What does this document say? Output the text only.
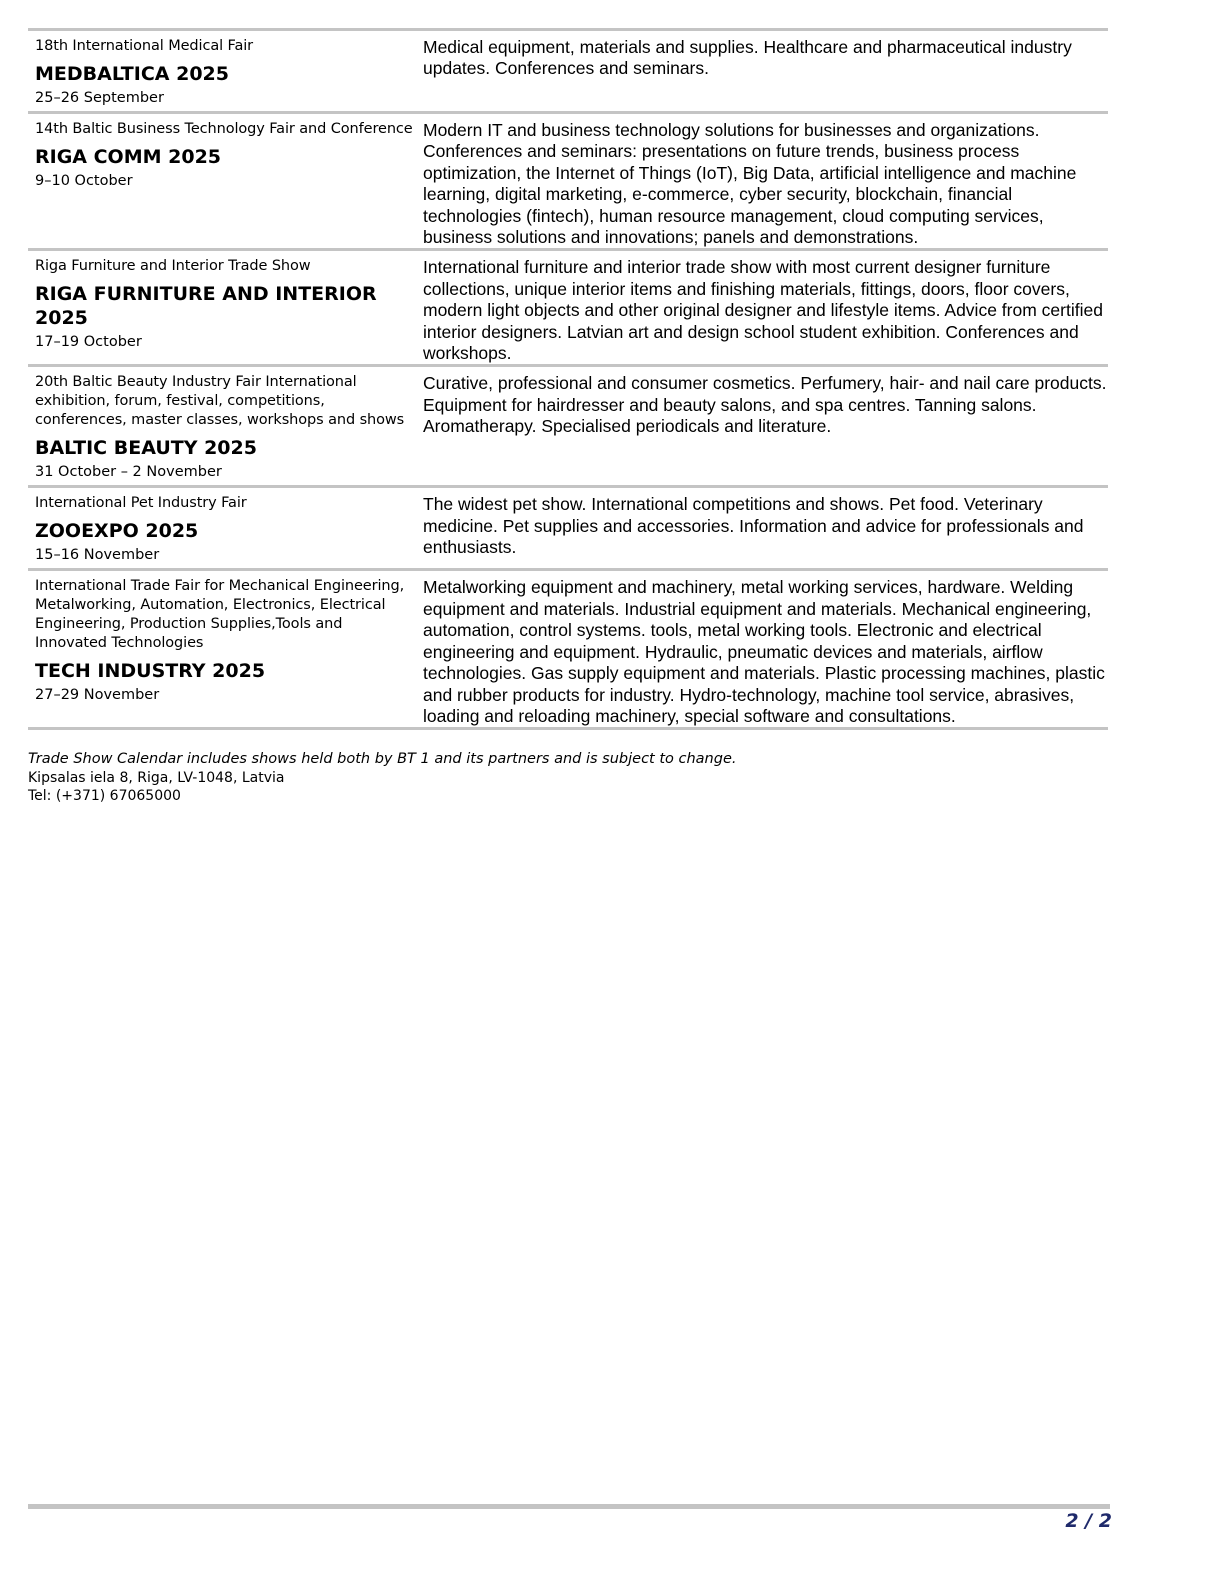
18th International Medical Fair
MEDBALTICA 2025
25–26 September
Medical equipment, materials and supplies. Healthcare and pharmaceutical industry updates. Conferences and seminars.
14th Baltic Business Technology Fair and Conference
RIGA COMM 2025
9–10 October
Modern IT and business technology solutions for businesses and organizations. Conferences and seminars: presentations on future trends, business process optimization, the Internet of Things (IoT), Big Data, artificial intelligence and machine learning, digital marketing, e-commerce, cyber security, blockchain, financial technologies (fintech), human resource management, cloud computing services, business solutions and innovations; panels and demonstrations.
Riga Furniture and Interior Trade Show
RIGA FURNITURE AND INTERIOR 2025
17–19 October
International furniture and interior trade show with most current designer furniture collections, unique interior items and finishing materials, fittings, doors, floor covers, modern light objects and other original designer and lifestyle items. Advice from certified interior designers. Latvian art and design school student exhibition. Conferences and workshops.
20th Baltic Beauty Industry Fair International exhibition, forum, festival, competitions, conferences, master classes, workshops and shows
BALTIC BEAUTY 2025
31 October – 2 November
Curative, professional and consumer cosmetics. Perfumery, hair- and nail care products. Equipment for hairdresser and beauty salons, and spa centres. Tanning salons. Aromatherapy. Specialised periodicals and literature.
International Pet Industry Fair
ZOOEXPO 2025
15–16 November
The widest pet show. International competitions and shows. Pet food. Veterinary medicine. Pet supplies and accessories. Information and advice for professionals and enthusiasts.
International Trade Fair for Mechanical Engineering, Metalworking, Automation, Electronics, Electrical Engineering, Production Supplies,Tools and Innovated Technologies
TECH INDUSTRY 2025
27–29 November
Metalworking equipment and machinery, metal working services, hardware. Welding equipment and materials. Industrial equipment and materials. Mechanical engineering, automation, control systems. tools, metal working tools. Electronic and electrical engineering and equipment. Hydraulic, pneumatic devices and materials, airflow technologies. Gas supply equipment and materials. Plastic processing machines, plastic and rubber products for industry. Hydro-technology, machine tool service, abrasives, loading and reloading machinery, special software and consultations.
Trade Show Calendar includes shows held both by BT 1 and its partners and is subject to change.
Kipsalas iela 8, Riga, LV-1048, Latvia
Tel: (+371) 67065000
2 / 2
